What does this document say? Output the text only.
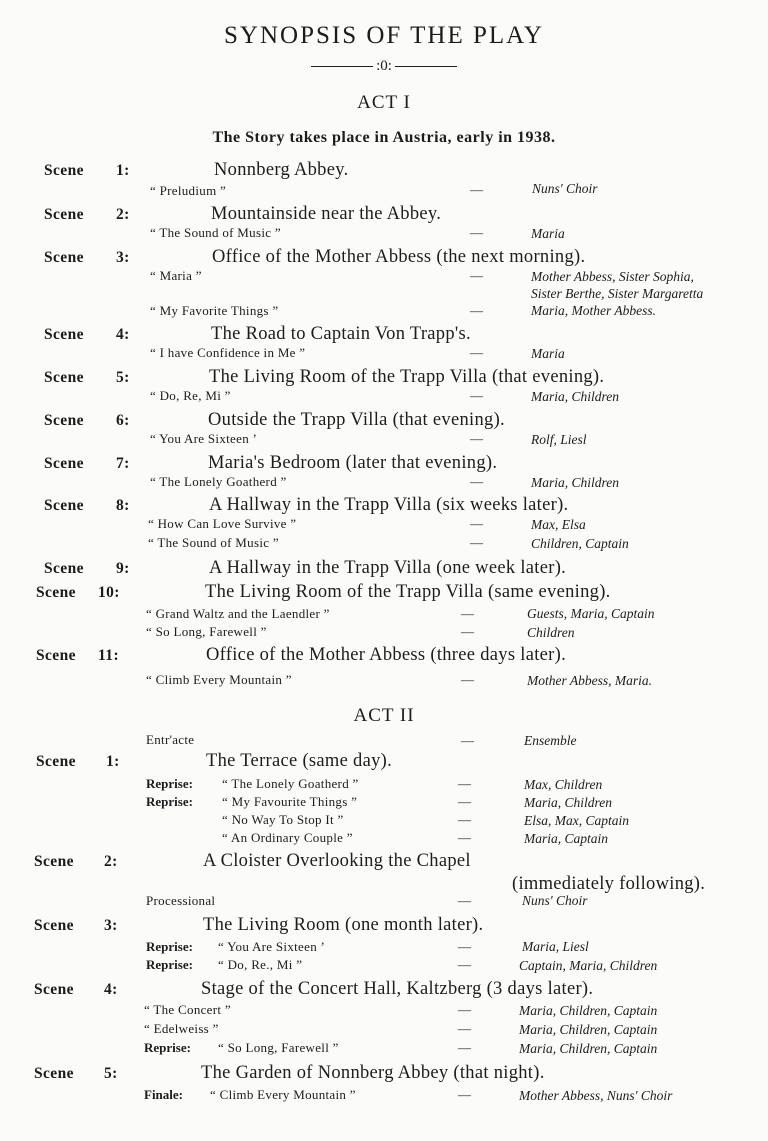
SYNOPSIS OF THE PLAY
:0:
ACT I
The Story takes place in Austria, early in 1938.
Scene 1:	Nonnberg Abbey.
“ Preludium ”	—	Nuns' Choir
Scene 2:	Mountainside near the Abbey.
“ The Sound of Music ”	—	Maria
Scene 3:	Office of the Mother Abbess (the next morning).
“ Maria ”	—	Mother Abbess, Sister Sophia,
Sister Berthe, Sister Margaretta
“ My Favorite Things ”	—	Maria, Mother Abbess.
Scene 4:	The Road to Captain Von Trapp's.
“ I have Confidence in Me ”	—	Maria
Scene 5:	The Living Room of the Trapp Villa (that evening).
“ Do, Re, Mi ”	—	Maria, Children
Scene 6:	Outside the Trapp Villa (that evening).
“ You Are Sixteen ’	—	Rolf, Liesl
Scene 7:	Maria's Bedroom (later that evening).
“ The Lonely Goatherd ”	—	Maria, Children
Scene 8:	A Hallway in the Trapp Villa (six weeks later).
“ How Can Love Survive ”	—	Max, Elsa
“ The Sound of Music ”	—	Children, Captain
Scene 9:	A Hallway in the Trapp Villa (one week later).
Scene 10:	The Living Room of the Trapp Villa (same evening).
“ Grand Waltz and the Laendler ”	—	Guests, Maria, Captain
“ So Long, Farewell ”	—	Children
Scene 11:	Office of the Mother Abbess (three days later).
“ Climb Every Mountain ”	—	Mother Abbess, Maria.
ACT II
Entr'acte	—	Ensemble
Scene 1:	The Terrace (same day).
Reprise: “ The Lonely Goatherd ”	—	Max, Children
Reprise: “ My Favourite Things ”	—	Maria, Children
“ No Way To Stop It ”	—	Elsa, Max, Captain
“ An Ordinary Couple ”	—	Maria, Captain
Scene 2:	A Cloister Overlooking the Chapel
(immediately following).
Processional	—	Nuns' Choir
Scene 3:	The Living Room (one month later).
Reprise: “ You Are Sixteen ’	—	Maria, Liesl
Reprise: “ Do, Re., Mi ”	—	Captain, Maria, Children
Scene 4:	Stage of the Concert Hall, Kaltzberg (3 days later).
“ The Concert ”	—	Maria, Children, Captain
“ Edelweiss ”	—	Maria, Children, Captain
Reprise: “ So Long, Farewell ”	—	Maria, Children, Captain
Scene 5:	The Garden of Nonnberg Abbey (that night).
Finale: “ Climb Every Mountain ”	—	Mother Abbess, Nuns' Choir
